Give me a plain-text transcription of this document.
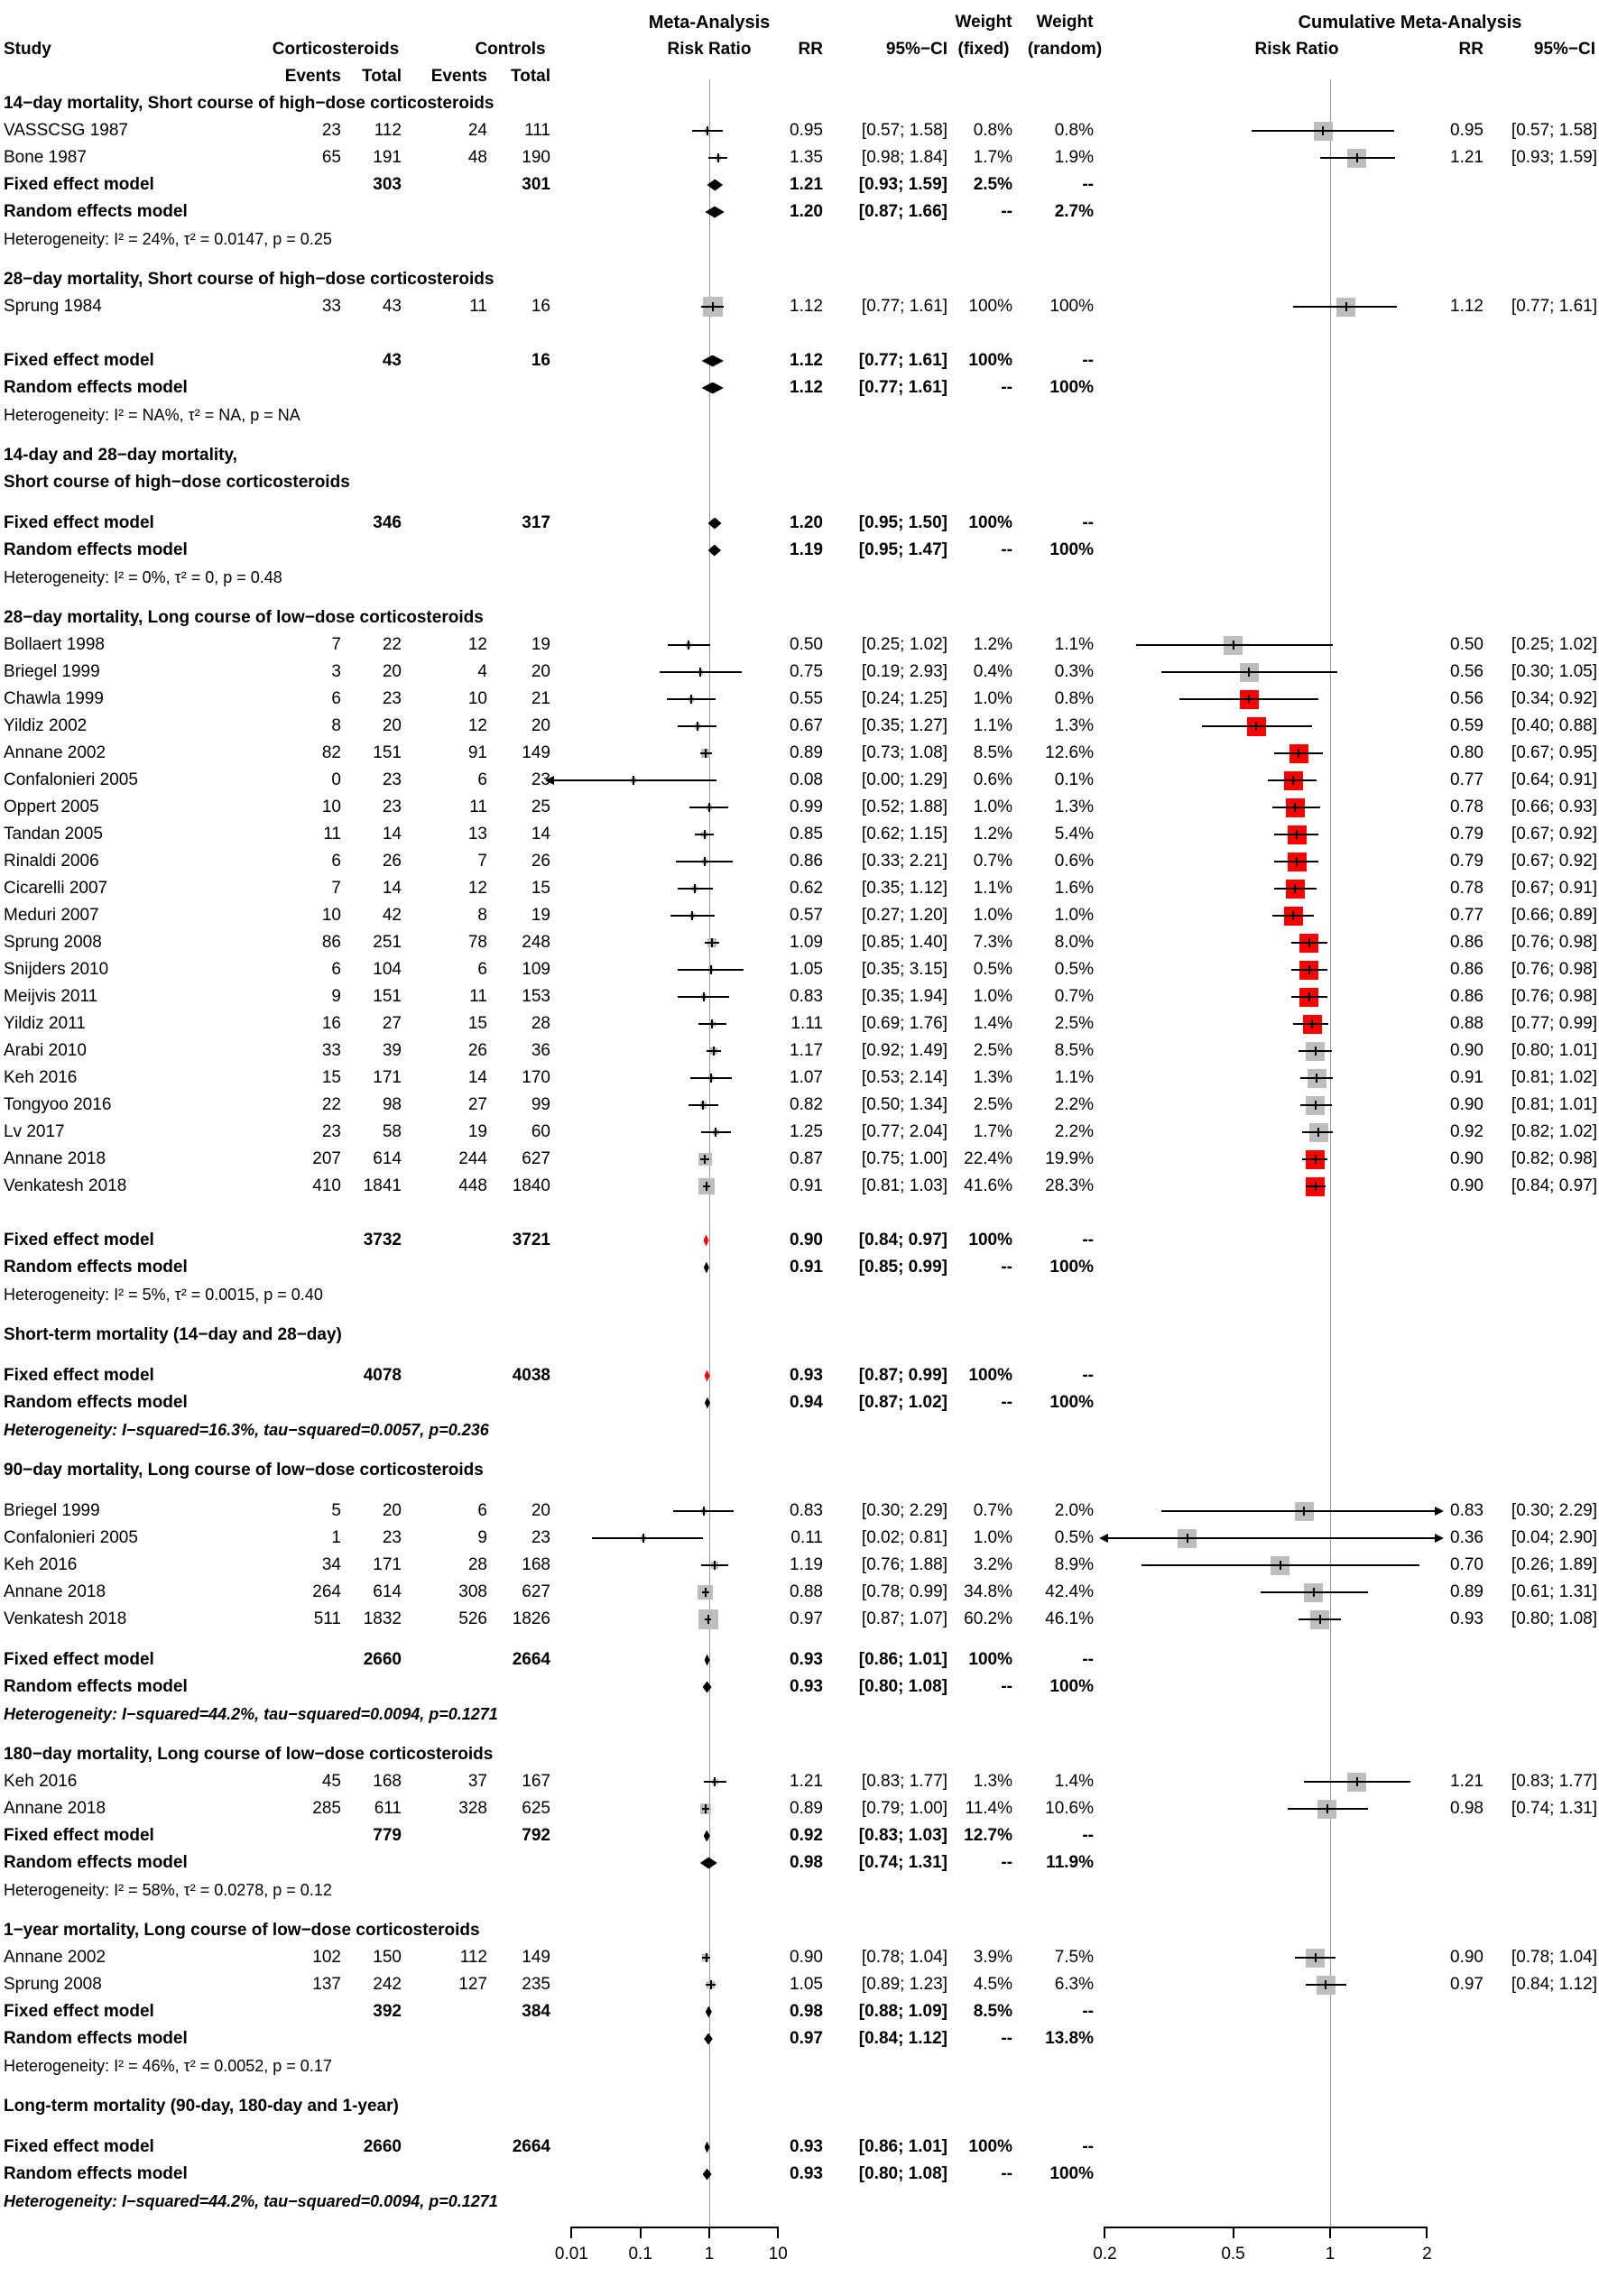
Meta-Analysis	Weight	Weight	Cumulative Meta-Analysis
Study	Corticosteroids	Controls	Risk Ratio	RR	95%−CI (fixed)	(random)	Risk Ratio	RR	95%−CI
Events	Total	Events	Total
14−day mortality, Short course of high−dose corticosteroids
VASSCSG 1987	23	112	24	111	0.95	[0.57; 1.58]	0.8%	0.8%	0.95	[0.57; 1.58]
Bone 1987	65	191	48	190	1.35	[0.98; 1.84]	1.7%	1.9%	1.21	[0.93; 1.59]
Fixed effect model	303	301	1.21	[0.93; 1.59]	2.5%	--
Random effects model	1.20	[0.87; 1.66]	--	2.7%
Heterogeneity: I² = 24%, τ² = 0.0147, p = 0.25
28−day mortality, Short course of high−dose corticosteroids
Sprung 1984	33	43	11	16	1.12	[0.77; 1.61]	100%	100%	1.12	[0.77; 1.61]
Fixed effect model	43	16	1.12	[0.77; 1.61]	100%	--
Random effects model	1.12	[0.77; 1.61]	--	100%
Heterogeneity: I² = NA%, τ² = NA, p = NA
14-day and 28−day mortality,
Short course of high−dose corticosteroids
Fixed effect model	346	317	1.20	[0.95; 1.50]	100%	--
Random effects model	1.19	[0.95; 1.47]	--	100%
Heterogeneity: I² = 0%, τ² = 0, p = 0.48
28−day mortality, Long course of low−dose corticosteroids
Bollaert 1998	7	22	12	19	0.50	[0.25; 1.02]	1.2%	1.1%	0.50	[0.25; 1.02]
Briegel 1999	3	20	4	20	0.75	[0.19; 2.93]	0.4%	0.3%	0.56	[0.30; 1.05]
Chawla 1999	6	23	10	21	0.55	[0.24; 1.25]	1.0%	0.8%	0.56	[0.34; 0.92]
Yildiz 2002	8	20	12	20	0.67	[0.35; 1.27]	1.1%	1.3%	0.59	[0.40; 0.88]
Annane 2002	82	151	91	149	0.89	[0.73; 1.08]	8.5%	12.6%	0.80	[0.67; 0.95]
Confalonieri 2005	0	23	6	23	0.08	[0.00; 1.29]	0.6%	0.1%	0.77	[0.64; 0.91]
Oppert 2005	10	23	11	25	0.99	[0.52; 1.88]	1.0%	1.3%	0.78	[0.66; 0.93]
Tandan 2005	11	14	13	14	0.85	[0.62; 1.15]	1.2%	5.4%	0.79	[0.67; 0.92]
Rinaldi 2006	6	26	7	26	0.86	[0.33; 2.21]	0.7%	0.6%	0.79	[0.67; 0.92]
Cicarelli 2007	7	14	12	15	0.62	[0.35; 1.12]	1.1%	1.6%	0.78	[0.67; 0.91]
Meduri 2007	10	42	8	19	0.57	[0.27; 1.20]	1.0%	1.0%	0.77	[0.66; 0.89]
Sprung 2008	86	251	78	248	1.09	[0.85; 1.40]	7.3%	8.0%	0.86	[0.76; 0.98]
Snijders 2010	6	104	6	109	1.05	[0.35; 3.15]	0.5%	0.5%	0.86	[0.76; 0.98]
Meijvis 2011	9	151	11	153	0.83	[0.35; 1.94]	1.0%	0.7%	0.86	[0.76; 0.98]
Yildiz 2011	16	27	15	28	1.11	[0.69; 1.76]	1.4%	2.5%	0.88	[0.77; 0.99]
Arabi 2010	33	39	26	36	1.17	[0.92; 1.49]	2.5%	8.5%	0.90	[0.80; 1.01]
Keh 2016	15	171	14	170	1.07	[0.53; 2.14]	1.3%	1.1%	0.91	[0.81; 1.02]
Tongyoo 2016	22	98	27	99	0.82	[0.50; 1.34]	2.5%	2.2%	0.90	[0.81; 1.01]
Lv 2017	23	58	19	60	1.25	[0.77; 2.04]	1.7%	2.2%	0.92	[0.82; 1.02]
Annane 2018	207	614	244	627	0.87	[0.75; 1.00] 22.4%	19.9%	0.90	[0.82; 0.98]
Venkatesh 2018	410	1841	448	1840	0.91	[0.81; 1.03] 41.6%	28.3%	0.90	[0.84; 0.97]
Fixed effect model	3732	3721	0.90	[0.84; 0.97]	100%	--
Random effects model	0.91	[0.85; 0.99]	--	100%
Heterogeneity: I² = 5%, τ² = 0.0015, p = 0.40
Short-term mortality (14−day and 28−day)
Fixed effect model	4078	4038	0.93	[0.87; 0.99]	100%	--
Random effects model	0.94	[0.87; 1.02]	--	100%
Heterogeneity: I−squared=16.3%, tau−squared=0.0057, p=0.236
90−day mortality, Long course of low−dose corticosteroids
Briegel 1999	5	20	6	20	0.83	[0.30; 2.29]	0.7%	2.0%	0.83	[0.30; 2.29]
Confalonieri 2005	1	23	9	23	0.11	[0.02; 0.81]	1.0%	0.5%	0.36	[0.04; 2.90]
Keh 2016	34	171	28	168	1.19	[0.76; 1.88]	3.2%	8.9%	0.70	[0.26; 1.89]
Annane 2018	264	614	308	627	0.88	[0.78; 0.99] 34.8%	42.4%	0.89	[0.61; 1.31]
Venkatesh 2018	511	1832	526	1826	0.97	[0.87; 1.07] 60.2%	46.1%	0.93	[0.80; 1.08]
Fixed effect model	2660	2664	0.93	[0.86; 1.01]	100%	--
Random effects model	0.93	[0.80; 1.08]	--	100%
Heterogeneity: I−squared=44.2%, tau−squared=0.0094, p=0.1271
180−day mortality, Long course of low−dose corticosteroids
Keh 2016	45	168	37	167	1.21	[0.83; 1.77]	1.3%	1.4%	1.21	[0.83; 1.77]
Annane 2018	285	611	328	625	0.89	[0.79; 1.00]	11.4%	10.6%	0.98	[0.74; 1.31]
Fixed effect model	779	792	0.92	[0.83; 1.03] 12.7%	--
Random effects model	0.98	[0.74; 1.31]	--	11.9%
Heterogeneity: I² = 58%, τ² = 0.0278, p = 0.12
1−year mortality, Long course of low−dose corticosteroids
Annane 2002	102	150	112	149	0.90	[0.78; 1.04]	3.9%	7.5%	0.90	[0.78; 1.04]
Sprung 2008	137	242	127	235	1.05	[0.89; 1.23]	4.5%	6.3%	0.97	[0.84; 1.12]
Fixed effect model	392	384	0.98	[0.88; 1.09]	8.5%	--
Random effects model	0.97	[0.84; 1.12]	--	13.8%
Heterogeneity: I² = 46%, τ² = 0.0052, p = 0.17
Long-term mortality (90-day, 180-day and 1-year)
Fixed effect model	2660	2664	0.93	[0.86; 1.01]	100%	--
Random effects model	0.93	[0.80; 1.08]	--	100%
Heterogeneity: I−squared=44.2%, tau−squared=0.0094, p=0.1271
0.01	0.1	1	10	0.2	0.5	1	2
